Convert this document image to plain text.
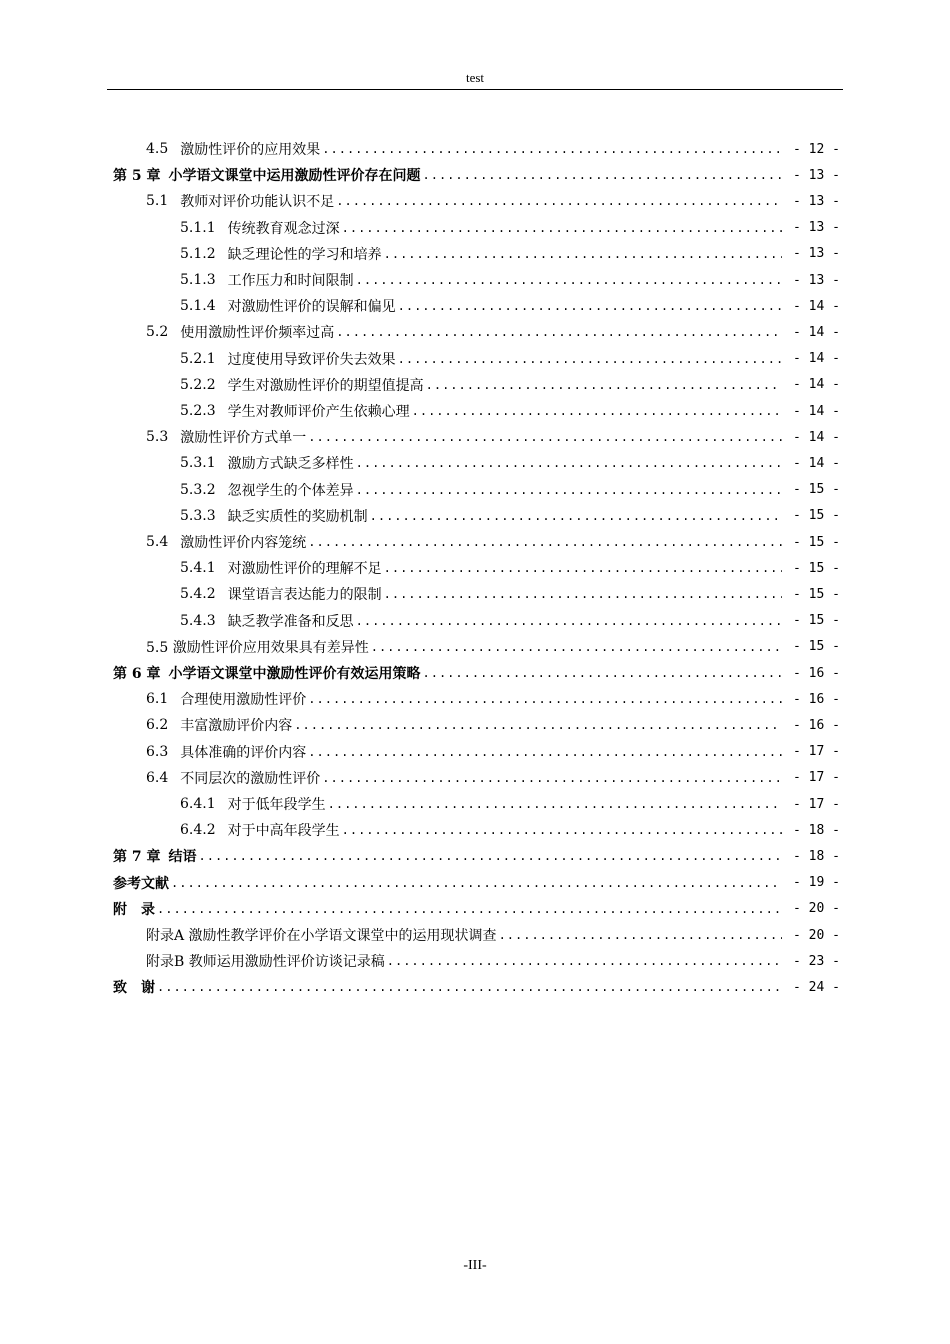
test
4.5 激励性评价的应用效果 .....	- 12 -
第 5 章 小学语文课堂中运用激励性评价存在问题 .....	- 13 -
5.1 教师对评价功能认识不足 .....	- 13 -
5.1.1 传统教育观念过深 .....	- 13 -
5.1.2 缺乏理论性的学习和培养 .....	- 13 -
5.1.3 工作压力和时间限制 .....	- 13 -
5.1.4 对激励性评价的误解和偏见 .....	- 14 -
5.2 使用激励性评价频率过高 .....	- 14 -
5.2.1 过度使用导致评价失去效果 .....	- 14 -
5.2.2 学生对激励性评价的期望值提高 .....	- 14 -
5.2.3 学生对教师评价产生依赖心理 .....	- 14 -
5.3 激励性评价方式单一 .....	- 14 -
5.3.1 激励方式缺乏多样性 .....	- 14 -
5.3.2 忽视学生的个体差异 .....	- 15 -
5.3.3 缺乏实质性的奖励机制 .....	- 15 -
5.4 激励性评价内容笼统 .....	- 15 -
5.4.1 对激励性评价的理解不足 .....	- 15 -
5.4.2 课堂语言表达能力的限制 .....	- 15 -
5.4.3 缺乏教学准备和反思 .....	- 15 -
5.5 激励性评价应用效果具有差异性 .....	- 15 -
第 6 章 小学语文课堂中激励性评价有效运用策略 .....	- 16 -
6.1 合理使用激励性评价 .....	- 16 -
6.2 丰富激励评价内容 .....	- 16 -
6.3 具体准确的评价内容 .....	- 17 -
6.4 不同层次的激励性评价 .....	- 17 -
6.4.1 对于低年段学生 .....	- 17 -
6.4.2 对于中高年段学生 .....	- 18 -
第 7 章 结语 .....	- 18 -
参考文献 .....	- 19 -
附　录 .....	- 20 -
附录A 激励性教学评价在小学语文课堂中的运用现状调查 .....	- 20 -
附录B 教师运用激励性评价访谈记录稿 .....	- 23 -
致　谢 .....	- 24 -
-III-
